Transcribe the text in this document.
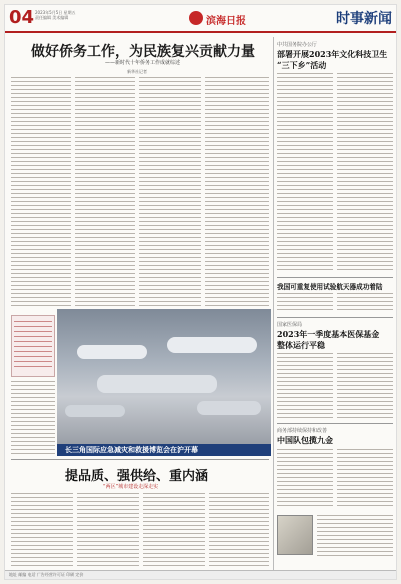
04 2023年5月5日 星期五
责任编辑 美术编辑	滨海日报	时事新闻
做好侨务工作，为民族复兴贡献力量
——新时代十年侨务工作成就综述
新华社记者
长三角国际应急减灾和救援博览会在沪开幕
提品质、强供给、重内涵
“两区”城市建设走深走实
中共国务院办公厅
部署开展2023年文化科技卫生
“三下乡”活动
我国可重复使用试验航天器成功着陆
国家医保局
2023年一季度基本医保基金
整体运行平稳
商务部持续保持和改善
中国队包揽九金
地址 邮编 电话 广告经营许可证 印刷 定价
